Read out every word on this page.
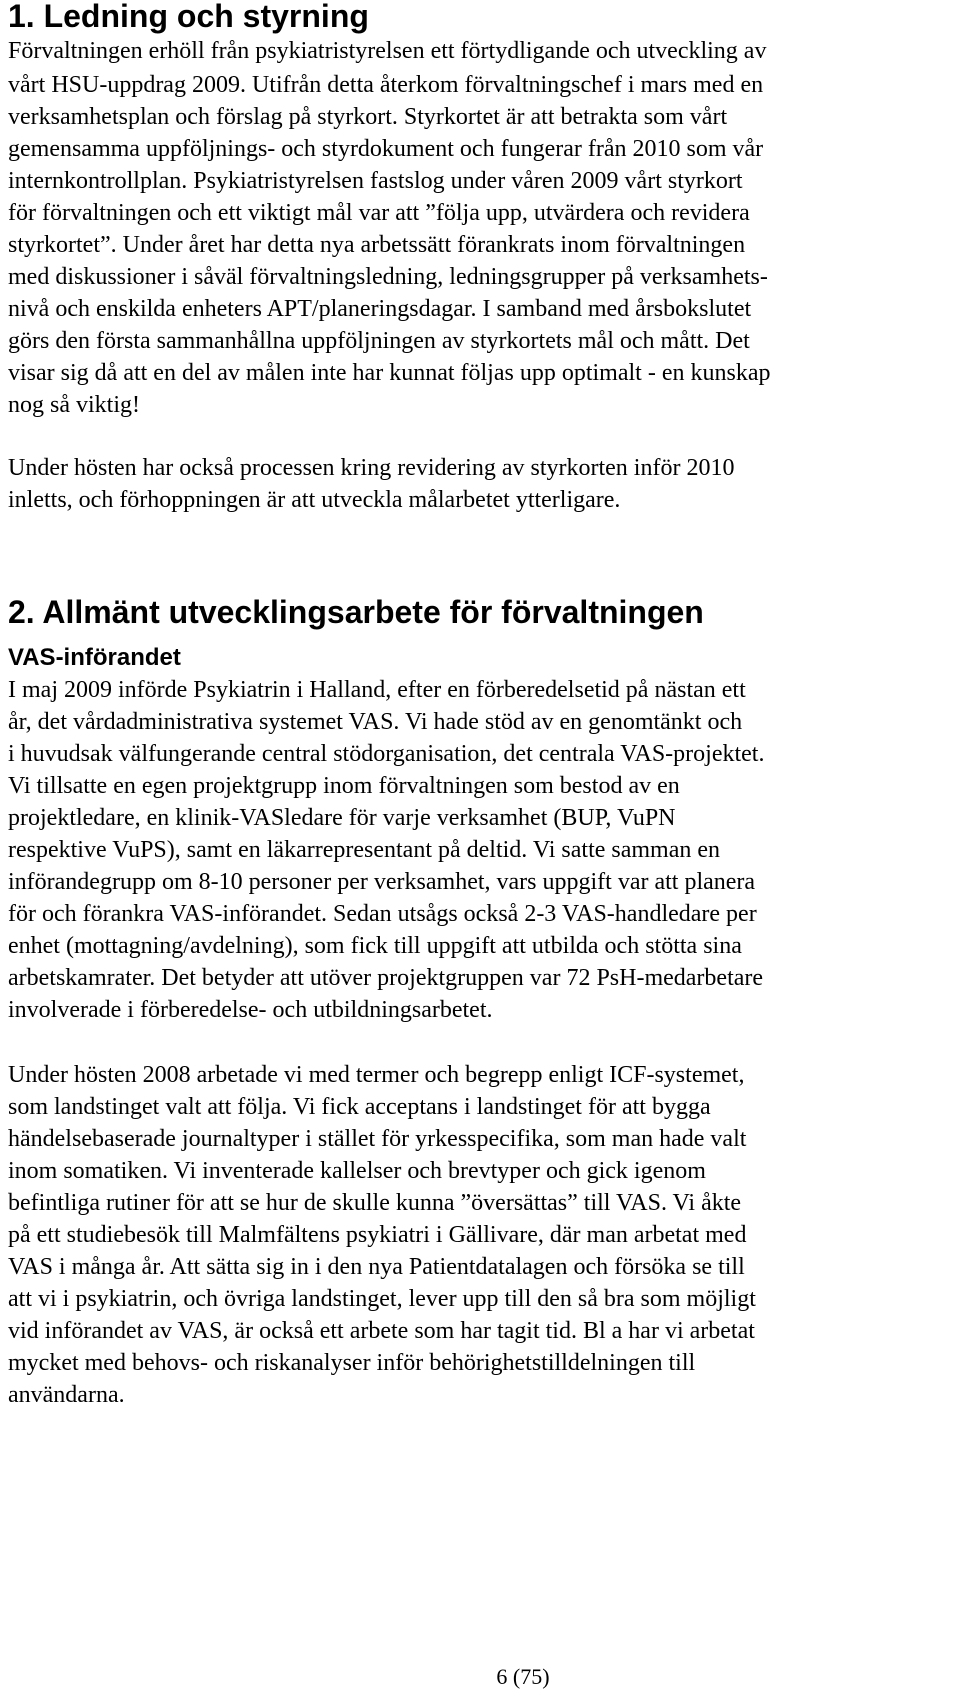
1. Ledning och styrning
Förvaltningen erhöll från psykiatristyrelsen ett förtydligande och utveckling av
vårt HSU-uppdrag 2009. Utifrån detta återkom förvaltningschef i mars med en
verksamhetsplan och förslag på styrkort. Styrkortet är att betrakta som vårt
gemensamma uppföljnings- och styrdokument och fungerar från 2010 som vår
internkontrollplan. Psykiatristyrelsen fastslog under våren 2009 vårt styrkort
för förvaltningen och ett viktigt mål var att ”följa upp, utvärdera och revidera
styrkortet”. Under året har detta nya arbetssätt förankrats inom förvaltningen
med diskussioner i såväl förvaltningsledning, ledningsgrupper på verksamhets-
nivå och enskilda enheters APT/planeringsdagar. I samband med årsbokslutet
görs den första sammanhållna uppföljningen av styrkortets mål och mått. Det
visar sig då att en del av målen inte har kunnat följas upp optimalt - en kunskap
nog så viktig!
Under hösten har också processen kring revidering av styrkorten inför 2010
inletts, och förhoppningen är att utveckla målarbetet ytterligare.
2. Allmänt utvecklingsarbete för förvaltningen
VAS-införandet
I maj 2009 införde Psykiatrin i Halland, efter en förberedelsetid på nästan ett
år, det vårdadministrativa systemet VAS. Vi hade stöd av en genomtänkt och
i huvudsak välfungerande central stödorganisation, det centrala VAS-projektet.
Vi tillsatte en egen projektgrupp inom förvaltningen som bestod av en
projektledare, en klinik-VASledare för varje verksamhet (BUP, VuPN
respektive VuPS), samt en läkarrepresentant på deltid. Vi satte samman en
införandegrupp om 8-10 personer per verksamhet, vars uppgift var att planera
för och förankra VAS-införandet. Sedan utsågs också 2-3 VAS-handledare per
enhet (mottagning/avdelning), som fick till uppgift att utbilda och stötta sina
arbetskamrater. Det betyder att utöver projektgruppen var 72 PsH-medarbetare
involverade i förberedelse- och utbildningsarbetet.
Under hösten 2008 arbetade vi med termer och begrepp enligt ICF-systemet,
som landstinget valt att följa. Vi fick acceptans i landstinget för att bygga
händelsebaserade journaltyper i stället för yrkesspecifika, som man hade valt
inom somatiken. Vi inventerade kallelser och brevtyper och gick igenom
befintliga rutiner för att se hur de skulle kunna ”översättas” till VAS. Vi åkte
på ett studiebesök till Malmfältens psykiatri i Gällivare, där man arbetat med
VAS i många år. Att sätta sig in i den nya Patientdatalagen och försöka se till
att vi i psykiatrin, och övriga landstinget, lever upp till den så bra som möjligt
vid införandet av VAS, är också ett arbete som har tagit tid. Bl a har vi arbetat
mycket med behovs- och riskanalyser inför behörighetstilldelningen till
användarna.
6 (75)
